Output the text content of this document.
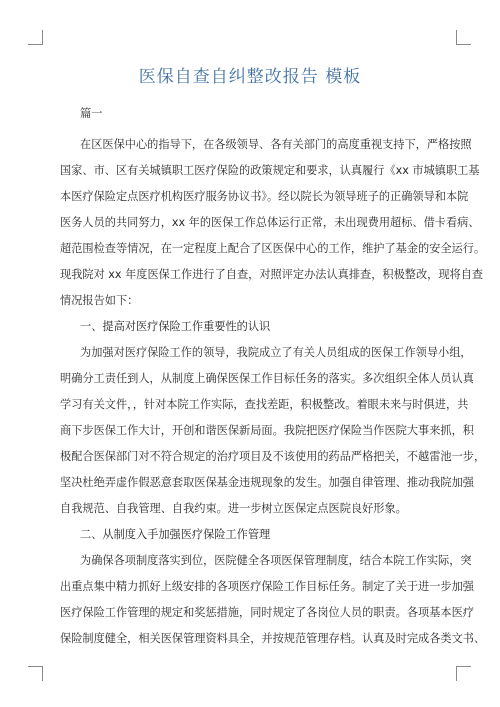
医保自查自纠整改报告 模板
篇一
在区医保中心的指导下，在各级领导、各有关部门的高度重视支持下，严格按照
国家、市、区有关城镇职工医疗保险的政策规定和要求，认真履行《xx 市城镇职工基
本医疗保险定点医疗机构医疗服务协议书》。经以院长为领导班子的正确领导和本院
医务人员的共同努力，xx 年的医保工作总体运行正常，未出现费用超标、借卡看病、
超范围检查等情况，在一定程度上配合了区医保中心的工作，维护了基金的安全运行。
现我院对 xx 年度医保工作进行了自查，对照评定办法认真排查，积极整改，现将自查
情况报告如下：
一、提高对医疗保险工作重要性的认识
为加强对医疗保险工作的领导，我院成立了有关人员组成的医保工作领导小组，
明确分工责任到人，从制度上确保医保工作目标任务的落实。多次组织全体人员认真
学习有关文件，，针对本院工作实际，查找差距，积极整改。着眼未来与时俱进，共
商下步医保工作大计，开创和谐医保新局面。我院把医疗保险当作医院大事来抓，积
极配合医保部门对不符合规定的治疗项目及不该使用的药品严格把关，不越雷池一步，
坚决杜绝弄虚作假恶意套取医保基金违规现象的发生。加强自律管理、推动我院加强
自我规范、自我管理、自我约束。进一步树立医保定点医院良好形象。
二、从制度入手加强医疗保险工作管理
为确保各项制度落实到位，医院健全各项医保管理制度，结合本院工作实际，突
出重点集中精力抓好上级安排的各项医疗保险工作目标任务。制定了关于进一步加强
医疗保险工作管理的规定和奖惩措施，同时规定了各岗位人员的职责。各项基本医疗
保险制度健全，相关医保管理资料具全，并按规范管理存档。认真及时完成各类文书、
